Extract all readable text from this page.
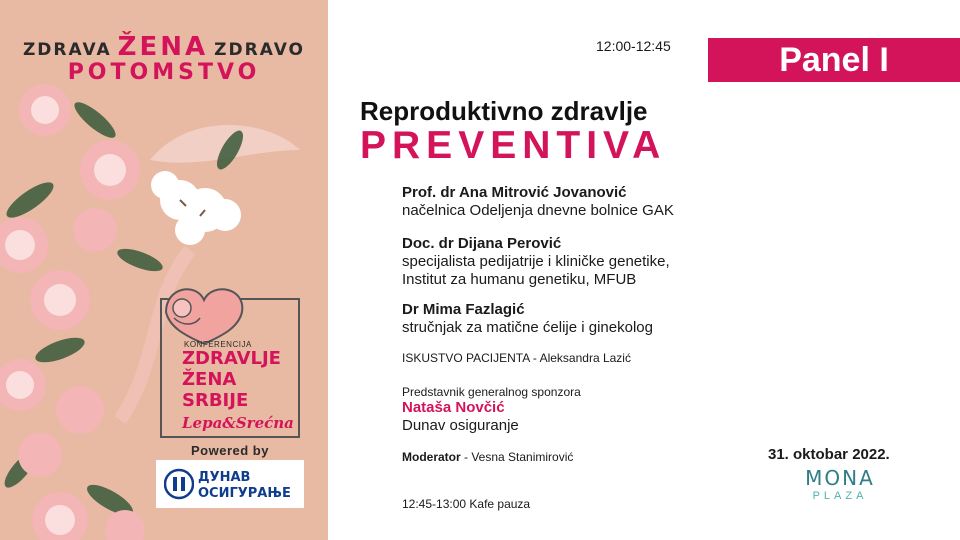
ZDRAVA ŽENA ZDRAVO
POTOMSTVO
KONFERENCIJA
ZDRAVLJE
ŽENA
SRBIJE
Lepa&Srećna
Powered by
ДУНАВ
ОСИГУРАЊЕ
12:00-12:45	Panel I
Reproduktivno zdravlje
PREVENTIVA
Prof. dr Ana Mitrović Jovanović
načelnica Odeljenja dnevne bolnice GAK
Doc. dr Dijana Perović
specijalista pedijatrije i kliničke genetike,
Institut za humanu genetiku, MFUB
Dr Mima Fazlagić
stručnjak za matične ćelije i ginekolog
ISKUSTVO PACIJENTA - Aleksandra Lazić
Predstavnik generalnog sponzora
Nataša Novčić
Dunav osiguranje
Moderator - Vesna Stanimirović
12:45-13:00 Kafe pauza
31. oktobar 2022.
MONA
PLAZA
